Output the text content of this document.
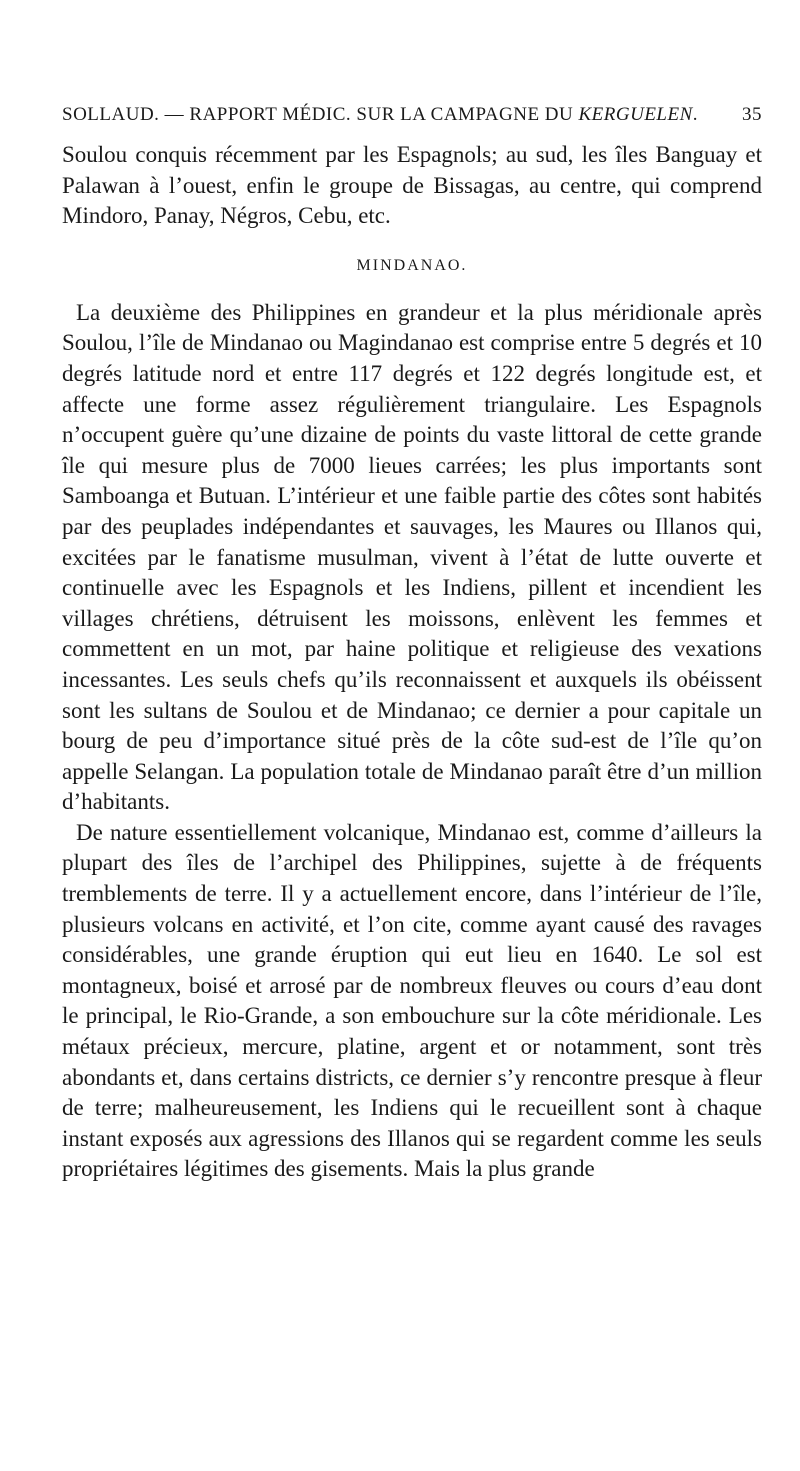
SOLLAUD. — RAPPORT MÉDIC. SUR LA CAMPAGNE DU KERGUELEN. 35

Soulou conquis récemment par les Espagnols; au sud, les îles Banguay et Palawan à l’ouest, enfin le groupe de Bissagas, au centre, qui comprend Mindoro, Panay, Négros, Cebu, etc.

MINDANAO.

La deuxième des Philippines en grandeur et la plus méridionale après Soulou, l’île de Mindanao ou Magindanao est comprise entre 5 degrés et 10 degrés latitude nord et entre 117 degrés et 122 degrés longitude est, et affecte une forme assez régulièrement triangulaire. Les Espagnols n’occupent guère qu’une dizaine de points du vaste littoral de cette grande île qui mesure plus de 7000 lieues carrées; les plus importants sont Samboanga et Butuan. L’intérieur et une faible partie des côtes sont habités par des peuplades indépendantes et sauvages, les Maures ou Illanos qui, excitées par le fanatisme musulman, vivent à l’état de lutte ouverte et continuelle avec les Espagnols et les Indiens, pillent et incendient les villages chrétiens, détruisent les moissons, enlèvent les femmes et commettent en un mot, par haine politique et religieuse des vexations incessantes. Les seuls chefs qu’ils reconnaissent et auxquels ils obéissent sont les sultans de Soulou et de Mindanao; ce dernier a pour capitale un bourg de peu d’importance situé près de la côte sud-est de l’île qu’on appelle Selangan. La population totale de Mindanao paraît être d’un million d’habitants.

De nature essentiellement volcanique, Mindanao est, comme d’ailleurs la plupart des îles de l’archipel des Philippines, sujette à de fréquents tremblements de terre. Il y a actuellement encore, dans l’intérieur de l’île, plusieurs volcans en activité, et l’on cite, comme ayant causé des ravages considérables, une grande éruption qui eut lieu en 1640. Le sol est montagneux, boisé et arrosé par de nombreux fleuves ou cours d’eau dont le principal, le Rio-Grande, a son embouchure sur la côte méridionale. Les métaux précieux, mercure, platine, argent et or notamment, sont très abondants et, dans certains districts, ce dernier s’y rencontre presque à fleur de terre; malheureusement, les Indiens qui le recueillent sont à chaque instant exposés aux agressions des Illanos qui se regardent comme les seuls propriétaires légitimes des gisements. Mais la plus grande
